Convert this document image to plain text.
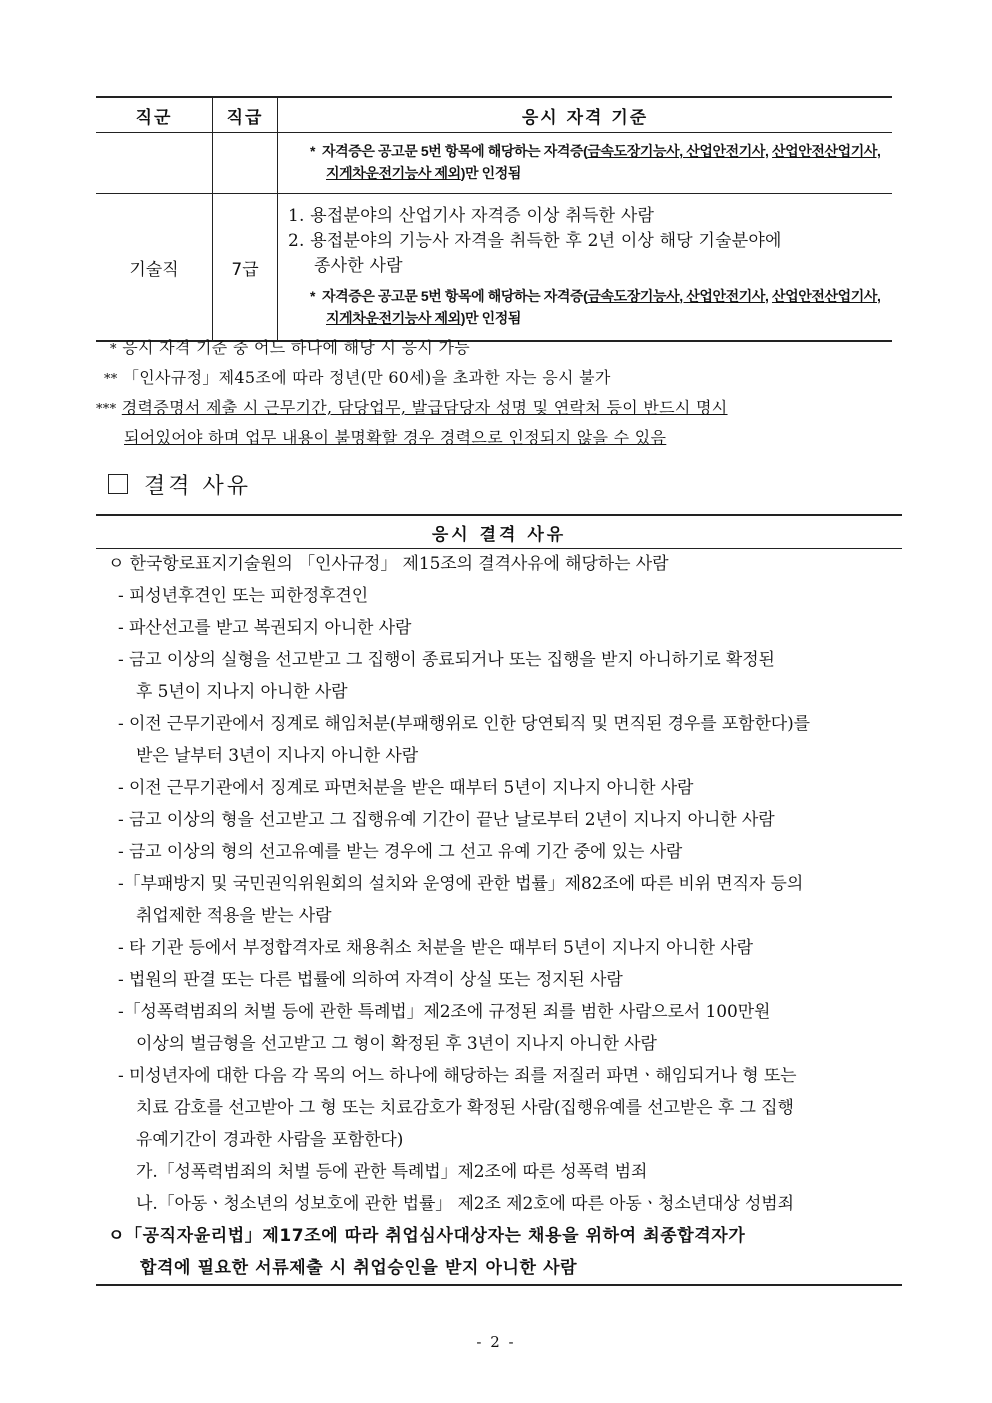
직군	직급	응시 자격 기준

		* 자격증은 공고문 5번 항목에 해당하는 자격증(금속도장기능사, 산업안전기사, 산업안전산업기사, 지게차운전기능사 제외)만 인정됨

기술직	7급	1. 용접분야의 산업기사 자격증 이상 취득한 사람
2. 용접분야의 기능사 자격을 취득한 후 2년 이상 해당 기술분야에
종사한 사람
* 자격증은 공고문 5번 항목에 해당하는 자격증(금속도장기능사, 산업안전기사, 산업안전산업기사, 지게차운전기능사 제외)만 인정됨
* 응시 자격 기준 중 어느 하나에 해당 시 응시 가능
** 「인사규정」제45조에 따라 정년(만 60세)을 초과한 자는 응시 불가
*** 경력증명서 제출 시 근무기간, 담당업무, 발급담당자 성명 및 연락처 등이 반드시 명시
되어있어야 하며 업무 내용이 불명확할 경우 경력으로 인정되지 않을 수 있음
결격 사유
응시 결격 사유
ㅇ 한국항로표지기술원의 「인사규정」 제15조의 결격사유에 해당하는 사람
- 피성년후견인 또는 피한정후견인
- 파산선고를 받고 복권되지 아니한 사람
- 금고 이상의 실형을 선고받고 그 집행이 종료되거나 또는 집행을 받지 아니하기로 확정된
후 5년이 지나지 아니한 사람
- 이전 근무기관에서 징계로 해임처분(부패행위로 인한 당연퇴직 및 면직된 경우를 포함한다)를
받은 날부터 3년이 지나지 아니한 사람
- 이전 근무기관에서 징계로 파면처분을 받은 때부터 5년이 지나지 아니한 사람
- 금고 이상의 형을 선고받고 그 집행유예 기간이 끝난 날로부터 2년이 지나지 아니한 사람
- 금고 이상의 형의 선고유예를 받는 경우에 그 선고 유예 기간 중에 있는 사람
-「부패방지 및 국민권익위원회의 설치와 운영에 관한 법률」제82조에 따른 비위 면직자 등의
취업제한 적용을 받는 사람
- 타 기관 등에서 부정합격자로 채용취소 처분을 받은 때부터 5년이 지나지 아니한 사람
- 법원의 판결 또는 다른 법률에 의하여 자격이 상실 또는 정지된 사람
-「성폭력범죄의 처벌 등에 관한 특례법」제2조에 규정된 죄를 범한 사람으로서 100만원
이상의 벌금형을 선고받고 그 형이 확정된 후 3년이 지나지 아니한 사람
- 미성년자에 대한 다음 각 목의 어느 하나에 해당하는 죄를 저질러 파면ㆍ해임되거나 형 또는
치료 감호를 선고받아 그 형 또는 치료감호가 확정된 사람(집행유예를 선고받은 후 그 집행
유예기간이 경과한 사람을 포함한다)
가.「성폭력범죄의 처벌 등에 관한 특례법」제2조에 따른 성폭력 범죄
나.「아동ㆍ청소년의 성보호에 관한 법률」 제2조 제2호에 따른 아동ㆍ청소년대상 성범죄
ㅇ「공직자윤리법」제17조에 따라 취업심사대상자는 채용을 위하여 최종합격자가
합격에 필요한 서류제출 시 취업승인을 받지 아니한 사람
- 2 -
